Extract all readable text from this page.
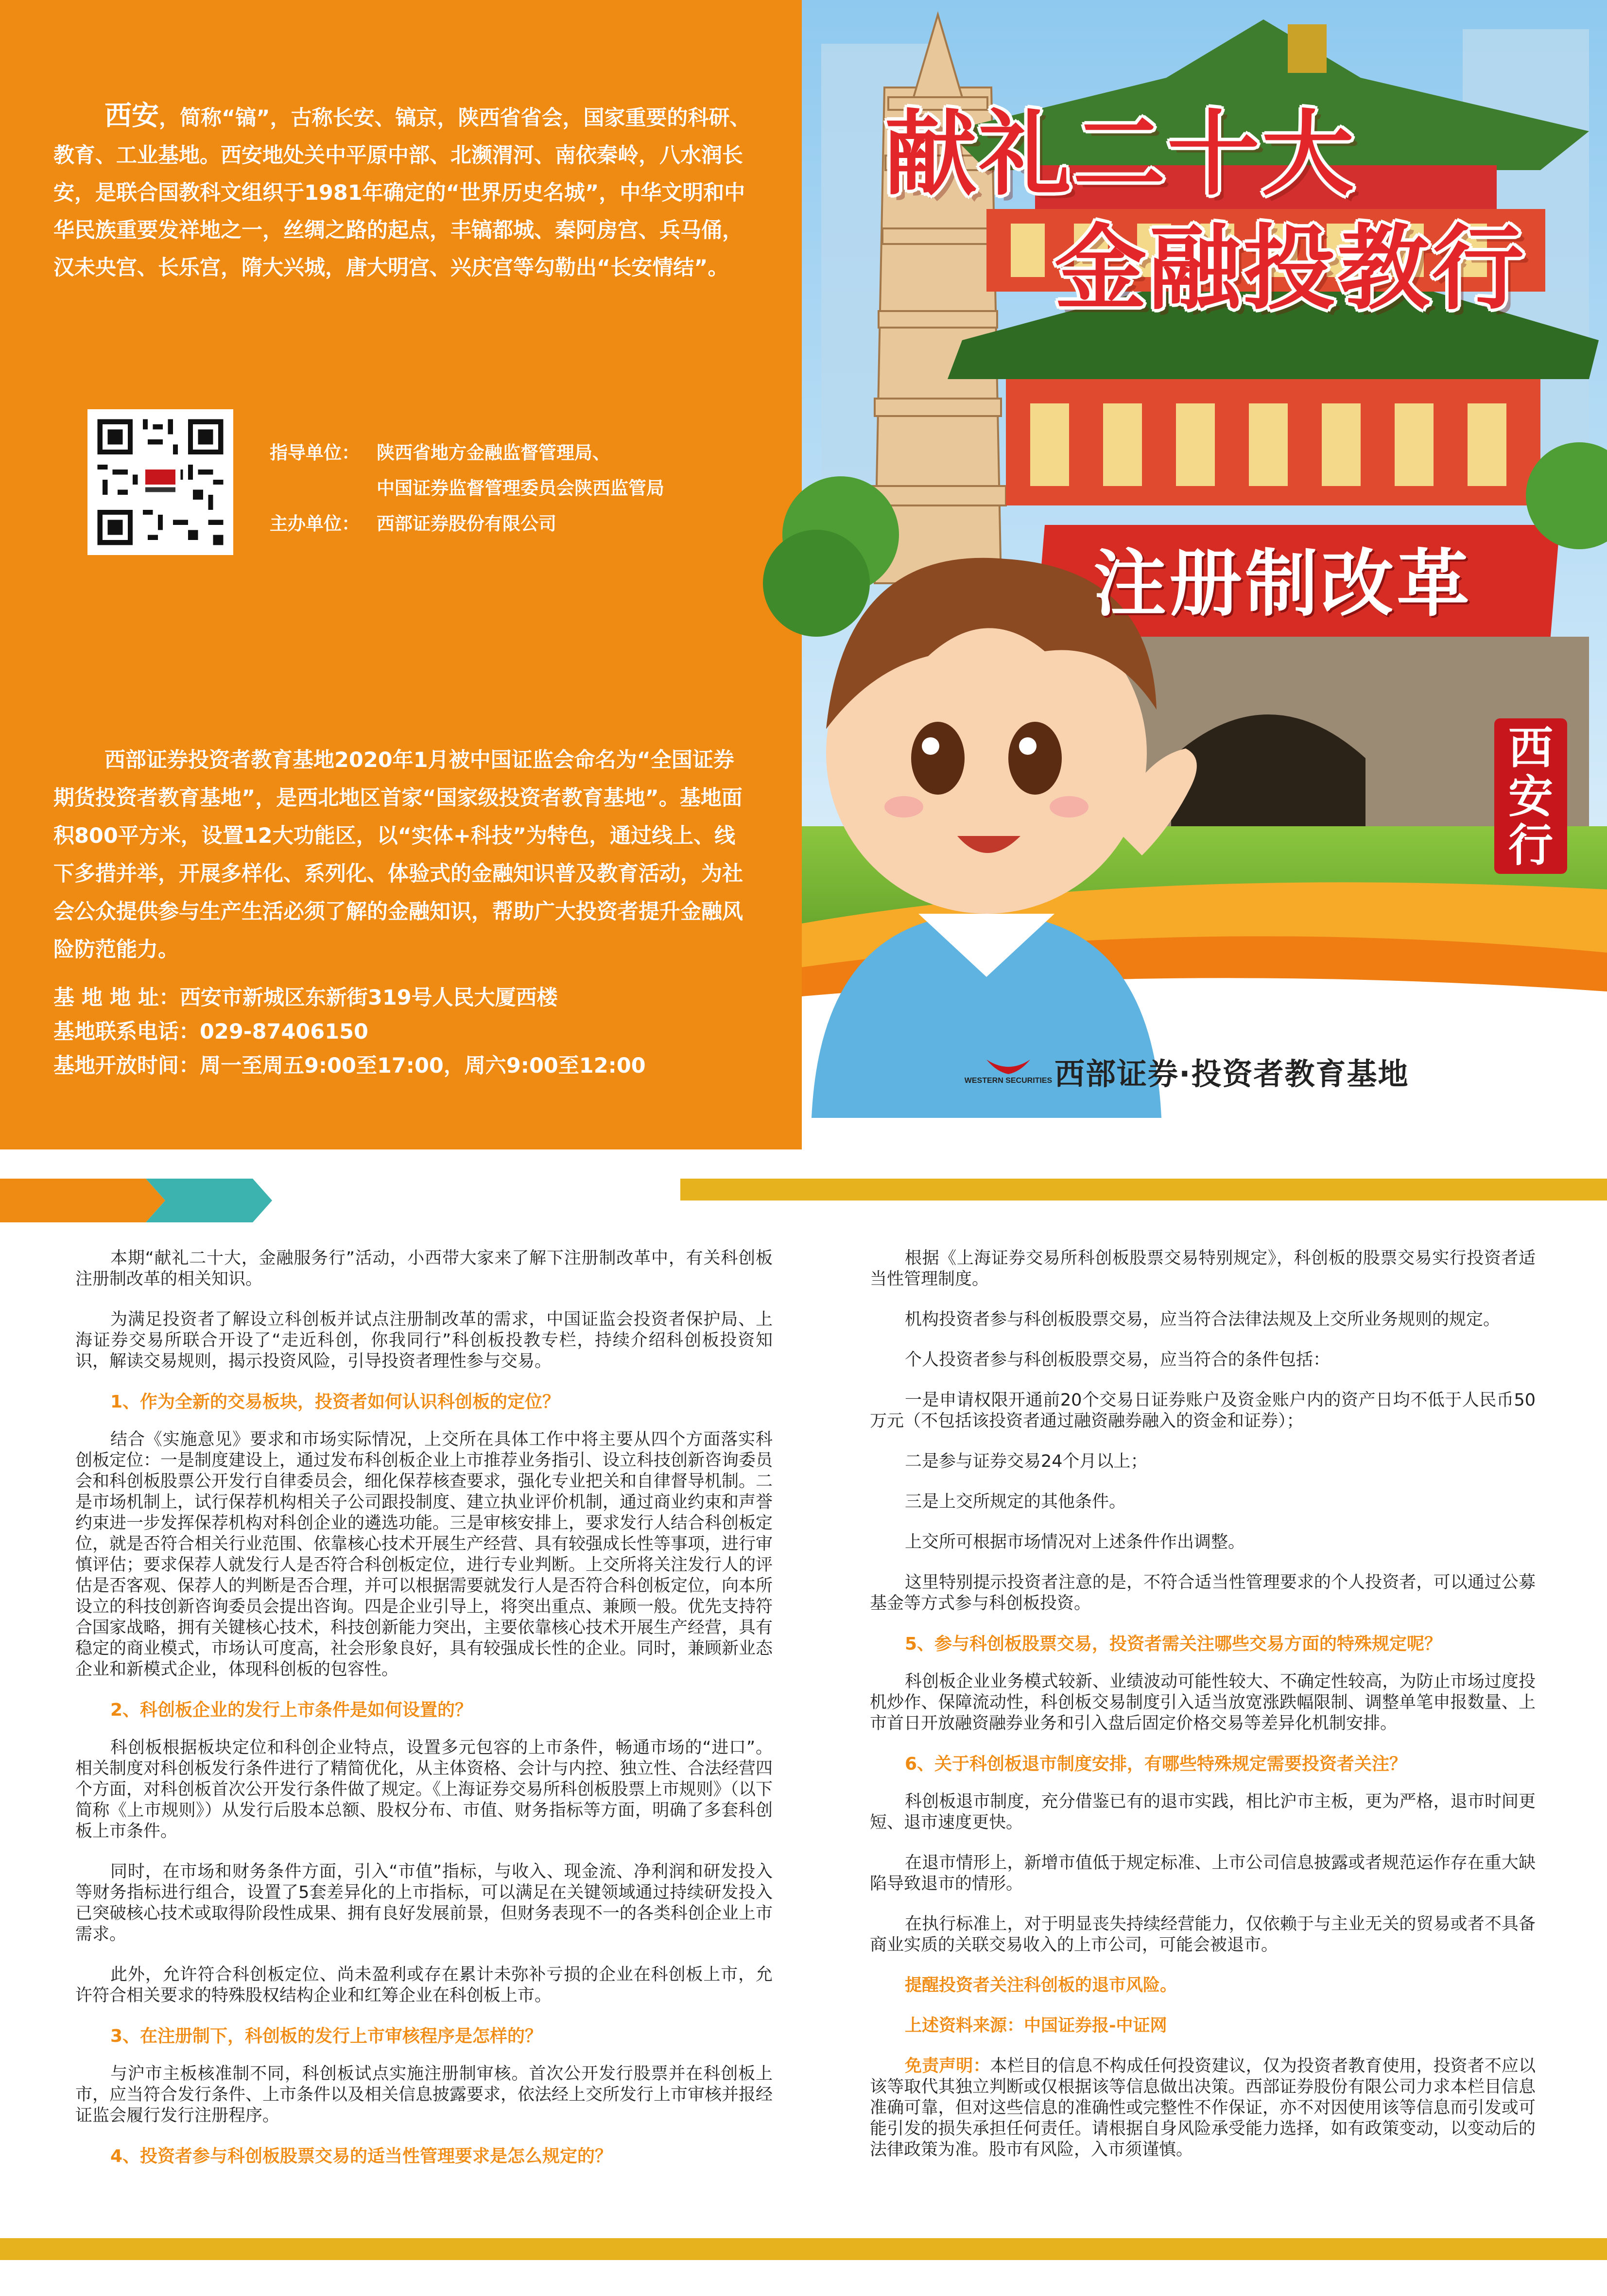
西安，简称“镐”，古称长安、镐京，陕西省省会，国家重要的科研、教育、工业基地。西安地处关中平原中部、北濒渭河、南依秦岭，八水润长安，是联合国教科文组织于1981年确定的“世界历史名城”，中华文明和中华民族重要发祥地之一，丝绸之路的起点，丰镐都城、秦阿房宫、兵马俑，汉未央宫、长乐宫，隋大兴城，唐大明宫、兴庆宫等勾勒出“长安情结”。
指导单位： 陕西省地方金融监督管理局、
中国证券监督管理委员会陕西监管局
主办单位： 西部证券股份有限公司
西部证券投资者教育基地2020年1月被中国证监会命名为“全国证券期货投资者教育基地”，是西北地区首家“国家级投资者教育基地”。基地面积800平方米，设置12大功能区，以“实体+科技”为特色，通过线上、线下多措并举，开展多样化、系列化、体验式的金融知识普及教育活动，为社会公众提供参与生产生活必须了解的金融知识，帮助广大投资者提升金融风险防范能力。
基 地 地 址：西安市新城区东新街319号人民大厦西楼
基地联系电话：029-87406150
基地开放时间：周一至周五9:00至17:00，周六9:00至12:00
献礼二十大
金融投教行
注册制改革
西安行
WESTERN SECURITIES 西部证券·投资者教育基地

本期“献礼二十大，金融服务行”活动，小西带大家来了解下注册制改革中，有关科创板注册制改革的相关知识。

为满足投资者了解设立科创板并试点注册制改革的需求，中国证监会投资者保护局、上海证券交易所联合开设了“走近科创，你我同行”科创板投教专栏，持续介绍科创板投资知识，解读交易规则，揭示投资风险，引导投资者理性参与交易。

1、作为全新的交易板块，投资者如何认识科创板的定位？

结合《实施意见》要求和市场实际情况，上交所在具体工作中将主要从四个方面落实科创板定位：一是制度建设上，通过发布科创板企业上市推荐业务指引、设立科技创新咨询委员会和科创板股票公开发行自律委员会，细化保荐核查要求，强化专业把关和自律督导机制。二是市场机制上，试行保荐机构相关子公司跟投制度、建立执业评价机制，通过商业约束和声誉约束进一步发挥保荐机构对科创企业的遴选功能。三是审核安排上，要求发行人结合科创板定位，就是否符合相关行业范围、依靠核心技术开展生产经营、具有较强成长性等事项，进行审慎评估；要求保荐人就发行人是否符合科创板定位，进行专业判断。上交所将关注发行人的评估是否客观、保荐人的判断是否合理，并可以根据需要就发行人是否符合科创板定位，向本所设立的科技创新咨询委员会提出咨询。四是企业引导上，将突出重点、兼顾一般。优先支持符合国家战略，拥有关键核心技术，科技创新能力突出，主要依靠核心技术开展生产经营，具有稳定的商业模式，市场认可度高，社会形象良好，具有较强成长性的企业。同时，兼顾新业态企业和新模式企业，体现科创板的包容性。

2、科创板企业的发行上市条件是如何设置的？

科创板根据板块定位和科创企业特点，设置多元包容的上市条件，畅通市场的“进口”。相关制度对科创板发行条件进行了精简优化，从主体资格、会计与内控、独立性、合法经营四个方面，对科创板首次公开发行条件做了规定。《上海证券交易所科创板股票上市规则》（以下简称《上市规则》）从发行后股本总额、股权分布、市值、财务指标等方面，明确了多套科创板上市条件。

同时，在市场和财务条件方面，引入“市值”指标，与收入、现金流、净利润和研发投入等财务指标进行组合，设置了5套差异化的上市指标，可以满足在关键领域通过持续研发投入已突破核心技术或取得阶段性成果、拥有良好发展前景，但财务表现不一的各类科创企业上市需求。

此外，允许符合科创板定位、尚未盈利或存在累计未弥补亏损的企业在科创板上市，允许符合相关要求的特殊股权结构企业和红筹企业在科创板上市。

3、在注册制下，科创板的发行上市审核程序是怎样的？

与沪市主板核准制不同，科创板试点实施注册制审核。首次公开发行股票并在科创板上市，应当符合发行条件、上市条件以及相关信息披露要求，依法经上交所发行上市审核并报经证监会履行发行注册程序。

4、投资者参与科创板股票交易的适当性管理要求是怎么规定的？

根据《上海证券交易所科创板股票交易特别规定》，科创板的股票交易实行投资者适当性管理制度。

机构投资者参与科创板股票交易，应当符合法律法规及上交所业务规则的规定。

个人投资者参与科创板股票交易，应当符合的条件包括：

一是申请权限开通前20个交易日证券账户及资金账户内的资产日均不低于人民币50万元（不包括该投资者通过融资融券融入的资金和证券）；

二是参与证券交易24个月以上；

三是上交所规定的其他条件。

上交所可根据市场情况对上述条件作出调整。

这里特别提示投资者注意的是，不符合适当性管理要求的个人投资者，可以通过公募基金等方式参与科创板投资。

5、参与科创板股票交易，投资者需关注哪些交易方面的特殊规定呢？

科创板企业业务模式较新、业绩波动可能性较大、不确定性较高，为防止市场过度投机炒作、保障流动性，科创板交易制度引入适当放宽涨跌幅限制、调整单笔申报数量、上市首日开放融资融券业务和引入盘后固定价格交易等差异化机制安排。

6、关于科创板退市制度安排，有哪些特殊规定需要投资者关注？

科创板退市制度，充分借鉴已有的退市实践，相比沪市主板，更为严格，退市时间更短、退市速度更快。

在退市情形上，新增市值低于规定标准、上市公司信息披露或者规范运作存在重大缺陷导致退市的情形。

在执行标准上，对于明显丧失持续经营能力，仅依赖于与主业无关的贸易或者不具备商业实质的关联交易收入的上市公司，可能会被退市。

提醒投资者关注科创板的退市风险。

上述资料来源：中国证券报-中证网

免责声明：本栏目的信息不构成任何投资建议，仅为投资者教育使用，投资者不应以该等取代其独立判断或仅根据该等信息做出决策。西部证券股份有限公司力求本栏目信息准确可靠，但对这些信息的准确性或完整性不作保证，亦不对因使用该等信息而引发或可能引发的损失承担任何责任。请根据自身风险承受能力选择，如有政策变动，以变动后的法律政策为准。股市有风险，入市须谨慎。
